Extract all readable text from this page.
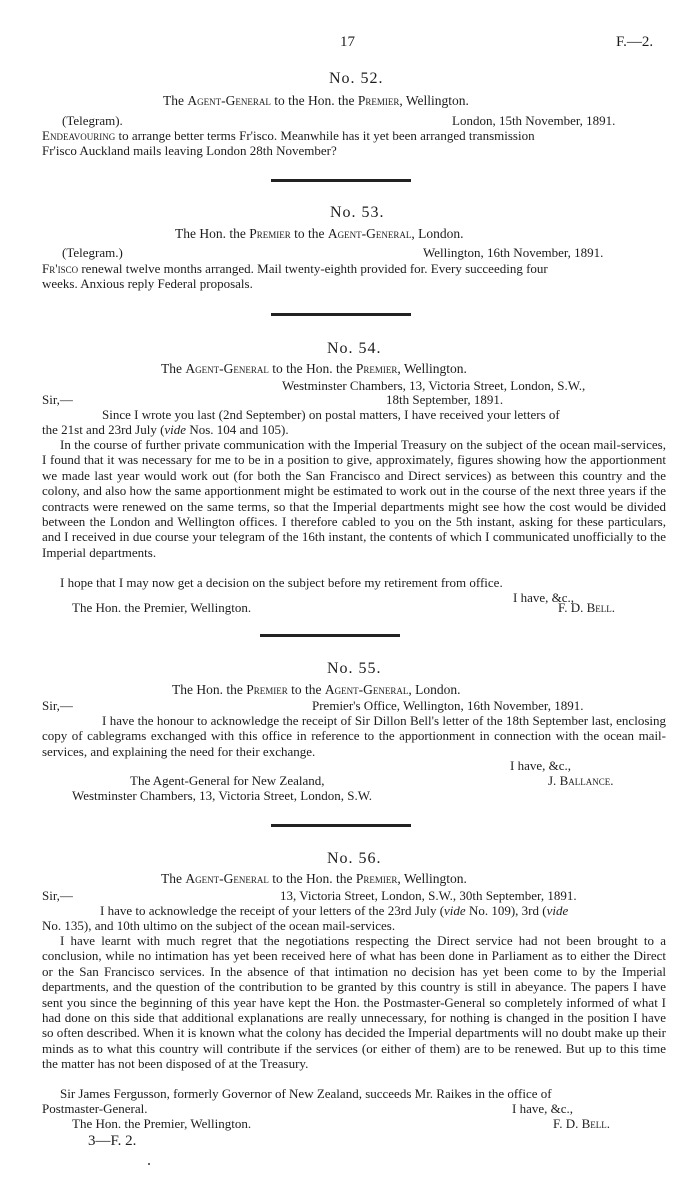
17	F.—2.
No. 52.
The Agent-General to the Hon. the Premier, Wellington.
(Telegram).	London, 15th November, 1891.
Endeavouring to arrange better terms Fr'isco. Meanwhile has it yet been arranged transmission
Fr'isco Auckland mails leaving London 28th November?
No. 53.
The Hon. the Premier to the Agent-General, London.
(Telegram.)	Wellington, 16th November, 1891.
Fr'isco renewal twelve months arranged. Mail twenty-eighth provided for. Every succeeding four
weeks. Anxious reply Federal proposals.
No. 54.
The Agent-General to the Hon. the Premier, Wellington.
Westminster Chambers, 13, Victoria Street, London, S.W.,
Sir,—	18th September, 1891.
Since I wrote you last (2nd September) on postal matters, I have received your letters of
the 21st and 23rd July (vide Nos. 104 and 105).
In the course of further private communication with the Imperial Treasury on the subject of the ocean mail-services, I found that it was necessary for me to be in a position to give, approximately, figures showing how the apportionment we made last year would work out (for both the San Francisco and Direct services) as between this country and the colony, and also how the same apportionment might be estimated to work out in the course of the next three years if the contracts were renewed on the same terms, so that the Imperial departments might see how the cost would be divided between the London and Wellington offices. I therefore cabled to you on the 5th instant, asking for these particulars, and I received in due course your telegram of the 16th instant, the contents of which I communicated unofficially to the Imperial departments.
I hope that I may now get a decision on the subject before my retirement from office.
I have, &c.,
The Hon. the Premier, Wellington.	F. D. Bell.
No. 55.
The Hon. the Premier to the Agent-General, London.
Sir,—	Premier's Office, Wellington, 16th November, 1891.
I have the honour to acknowledge the receipt of Sir Dillon Bell's letter of the 18th September last, enclosing copy of cablegrams exchanged with this office in reference to the apportionment in connection with the ocean mail-services, and explaining the need for their exchange.
I have, &c.,
The Agent-General for New Zealand,	J. Ballance.
Westminster Chambers, 13, Victoria Street, London, S.W.
No. 56.
The Agent-General to the Hon. the Premier, Wellington.
Sir,—	13, Victoria Street, London, S.W., 30th September, 1891.
I have to acknowledge the receipt of your letters of the 23rd July (vide No. 109), 3rd (vide
No. 135), and 10th ultimo on the subject of the ocean mail-services.
I have learnt with much regret that the negotiations respecting the Direct service had not been brought to a conclusion, while no intimation has yet been received here of what has been done in Parliament as to either the Direct or the San Francisco services. In the absence of that intimation no decision has yet been come to by the Imperial departments, and the question of the contribution to be granted by this country is still in abeyance. The papers I have sent you since the beginning of this year have kept the Hon. the Postmaster-General so completely informed of what I had done on this side that additional explanations are really unnecessary, for nothing is changed in the position I have so often described. When it is known what the colony has decided the Imperial departments will no doubt make up their minds as to what this country will contribute if the services (or either of them) are to be renewed. But up to this time the matter has not been disposed of at the Treasury.
Sir James Fergusson, formerly Governor of New Zealand, succeeds Mr. Raikes in the office of
Postmaster-General.	I have, &c.,
The Hon. the Premier, Wellington.	F. D. Bell.
3—F. 2.
